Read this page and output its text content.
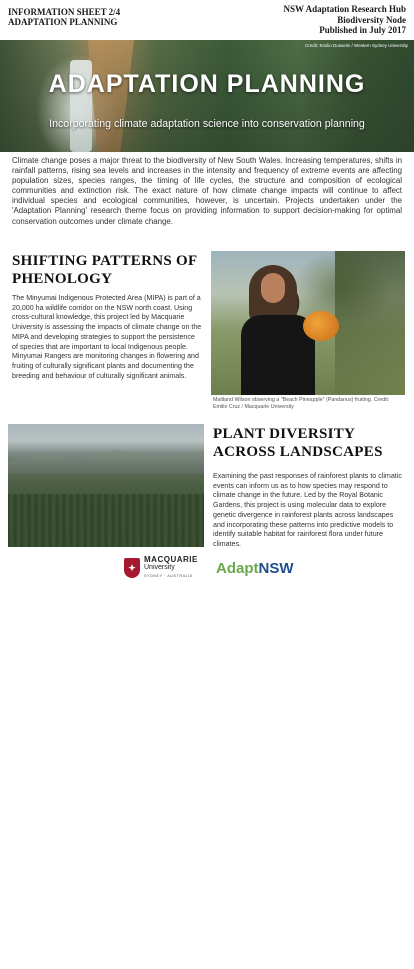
INFORMATION SHEET 2/4
ADAPTATION PLANNING
NSW Adaptation Research Hub
Biodiversity Node
Published in July 2017
Credit: Emilio Dusseini / Western Sydney University
ADAPTATION PLANNING
Incorporating climate adaptation science into conservation planning
Climate change poses a major threat to the biodiversity of New South Wales. Increasing temperatures, shifts in rainfall patterns, rising sea levels and increases in the intensity and frequency of extreme events are affecting population sizes, species ranges, the timing of life cycles, the structure and composition of ecological communities and extinction risk. The exact nature of how climate change impacts will continue to affect individual species and ecological communities, however, is uncertain. Projects undertaken under the 'Adaptation Planning' research theme focus on providing information to support decision-making for optimal conservation outcomes under climate change.
SHIFTING PATTERNS OF PHENOLOGY
The Minyumai Indigenous Protected Area (MIPA) is part of a 20,000 ha wildlife corridor on the NSW north coast. Using cross-cultural knowledge, this project led by Macquarie University is assessing the impacts of climate change on the MIPA and developing strategies to support the persistence of species that are important to local Indigenous people. Minyumai Rangers are monitoring changes in flowering and fruiting of culturally significant plants and documenting the breeding and behaviour of culturally significant animals.
Maitland Wilson observing a "Beach Pineapple" (Pandanus) fruiting. Credit: Emilio Cruz / Macquarie University
Warrumbungle National Park. Credit: Simone Cottrell / OEH
PLANT DIVERSITY ACROSS LANDSCAPES
Examining the past responses of rainforest plants to climatic events can inform us as to how species may respond to climate change in the future. Led by the Royal Botanic Gardens, this project is using molecular data to explore genetic divergence in rainforest plants across landscapes and incorporating these patterns into predictive models to identify suitable habitat for rainforest flora under future climates.
✦
MACQUARIE
University
SYDNEY · AUSTRALIA	Adapt NSW
